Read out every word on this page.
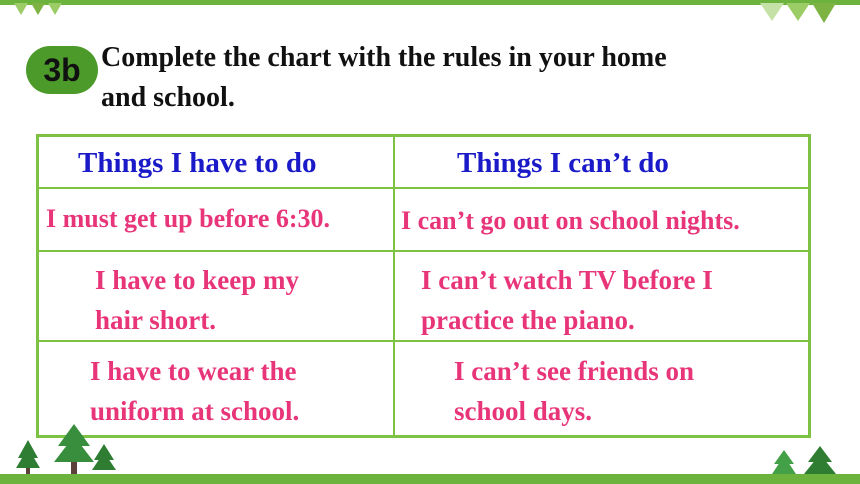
3b Complete the chart with the rules in your home
and school.

Things I have to do	Things I can’t do

I must get up before 6:30.	I can’t go out on school nights.

I have to keep my
hair short.

I can’t watch TV before I
practice the piano.

I have to wear the
uniform at school.

I can’t see friends on
school days.
